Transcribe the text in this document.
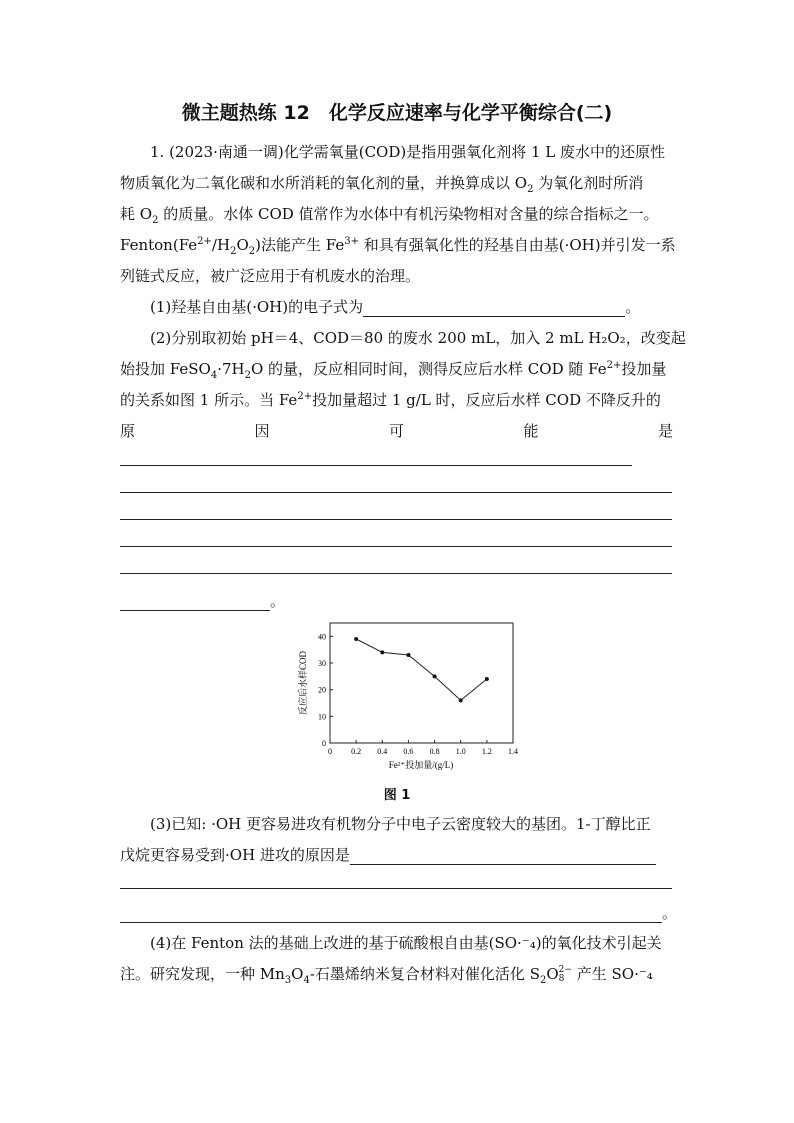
微主题热练 12　化学反应速率与化学平衡综合(二)
1. (2023·南通一调)化学需氧量(COD)是指用强氧化剂将 1 L 废水中的还原性
物质氧化为二氧化碳和水所消耗的氧化剂的量，并换算成以 $O_2$ 为氧化剂时所消
耗 $O_2$ 的质量。水体 COD 值常作为水体中有机污染物相对含量的综合指标之一。
$Fenton(Fe^{2+}/H_2O_2)$法能产生 $Fe^{3+}$ 和具有强氧化性的羟基自由基(·OH)并引发一系
列链式反应，被广泛应用于有机废水的治理。
(1)羟基自由基(·OH)的电子式为	。
(2)分别取初始 pH＝4、COD＝80 的废水 200 mL，加入 2 mL H₂O₂，改变起
始投加 $FeSO_4\cdot 7H_2O$ 的量，反应相同时间，测得反应后水样 COD 随 $Fe^{2+}$投加量
的关系如图 1 所示。当 $Fe^{2+}$投加量超过 1 g/L 时，反应后水样 COD 不降反升的
原	因	可	能	是
。
0 0.2 0.4 0.6 0.8 1.0 1.2 1.4
0
10
20
30
40
Fe²⁺投加量/(g/L)
反应后水样COD
图 1
(3)已知: ·OH 更容易进攻有机物分子中电子云密度较大的基团。1-丁醇比正
戊烷更容易受到·OH 进攻的原因是
。
(4)在 Fenton 法的基础上改进的基于硫酸根自由基(SO·⁻₄)的氧化技术引起关
注。研究发现，一种 $Mn_3O_4-$石墨烯纳米复合材料对催化活化 $S_2O$ 2−
8 产生 SO·⁻₄
